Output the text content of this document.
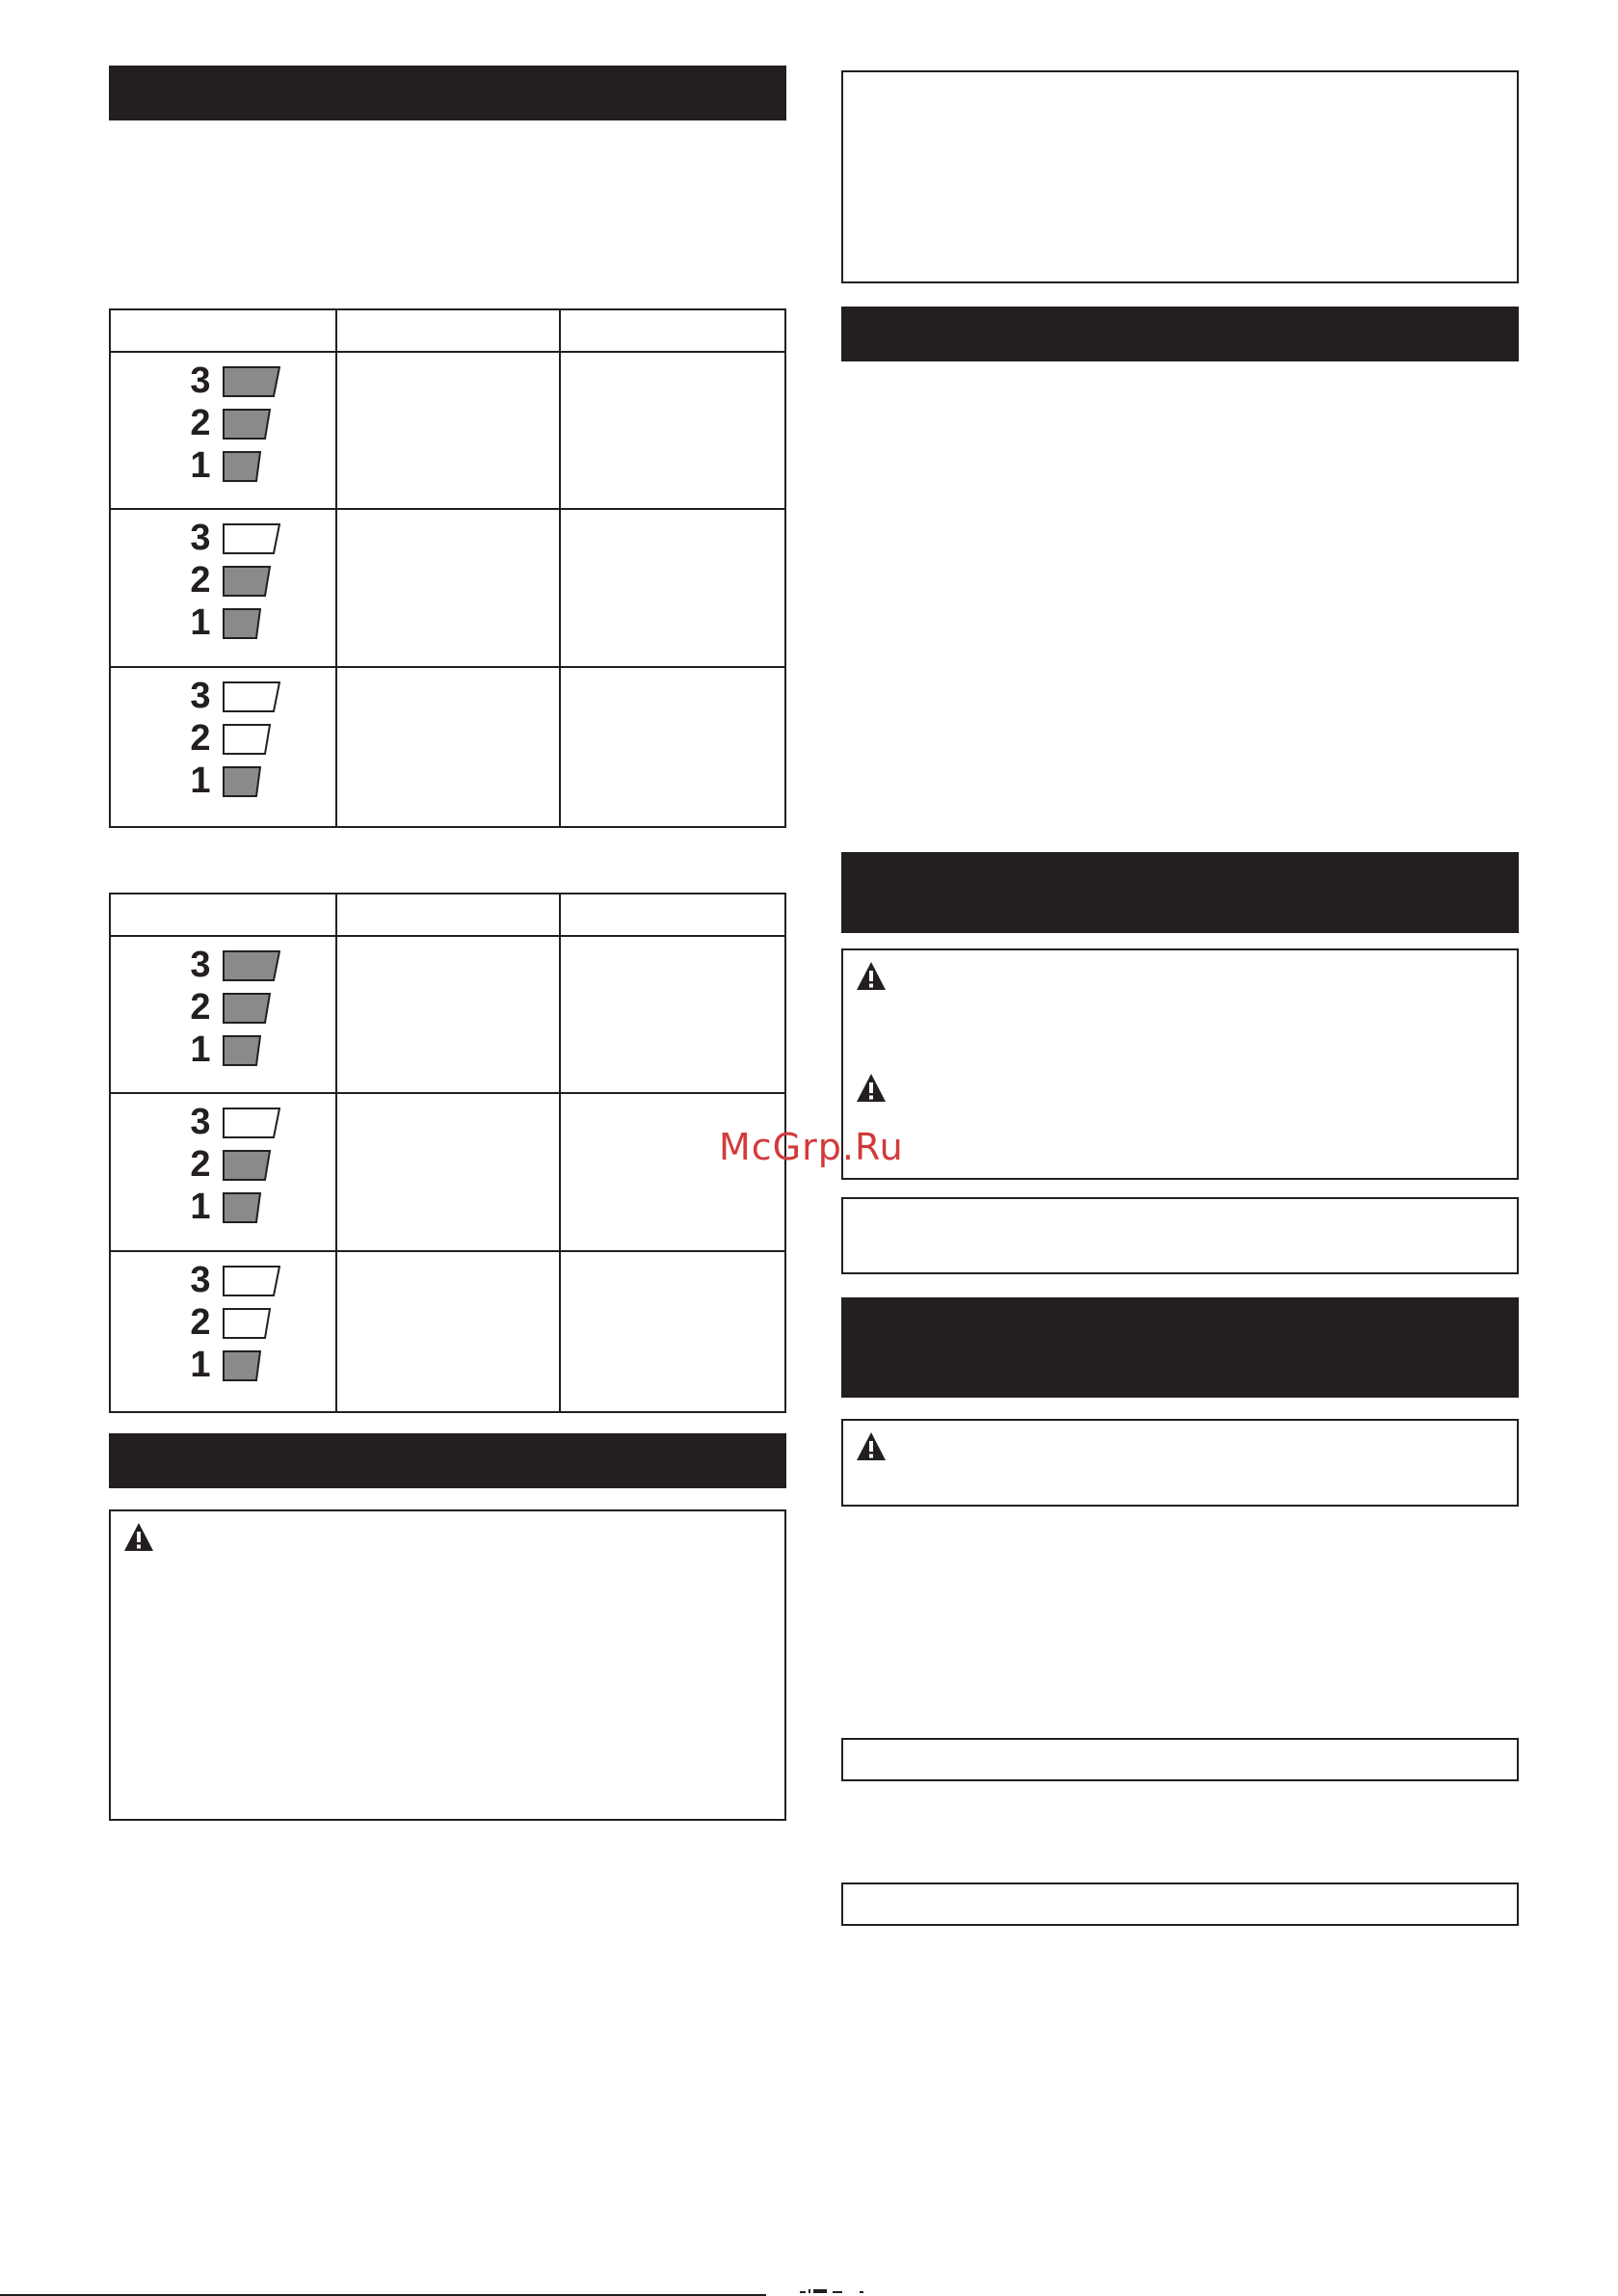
3
2
1
3
2
1
3
2
1
3
2
1
3
2
1
3
2
1
McGrp.Ru
